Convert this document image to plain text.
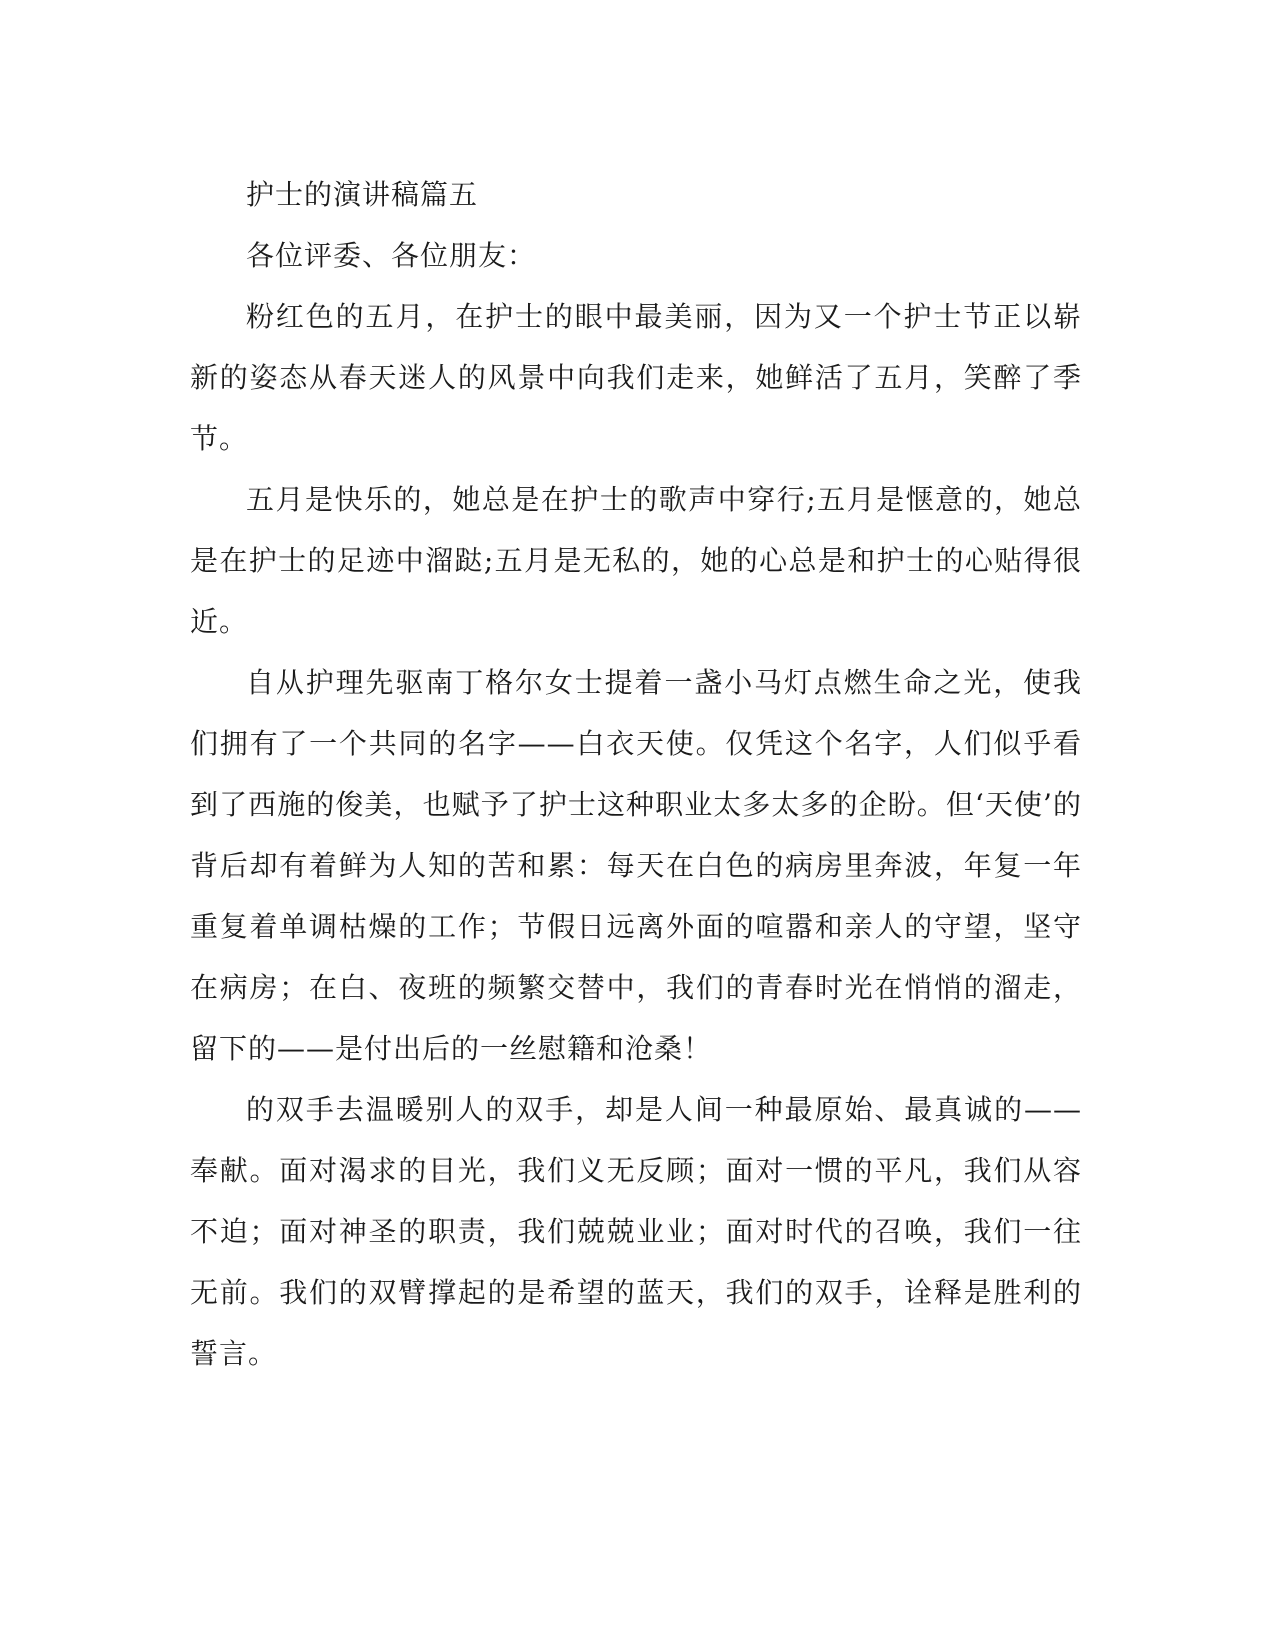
护士的演讲稿篇五

各位评委、各位朋友：

粉红色的五月，在护士的眼中最美丽，因为又一个护士节正以崭新的姿态从春天迷人的风景中向我们走来，她鲜活了五月，笑醉了季节。

五月是快乐的，她总是在护士的歌声中穿行;五月是惬意的，她总是在护士的足迹中溜跶;五月是无私的，她的心总是和护士的心贴得很近。

自从护理先驱南丁格尔女士提着一盏小马灯点燃生命之光，使我们拥有了一个共同的名字——白衣天使。仅凭这个名字，人们似乎看到了西施的俊美，也赋予了护士这种职业太多太多的企盼。但‘天使’的背后却有着鲜为人知的苦和累：每天在白色的病房里奔波，年复一年重复着单调枯燥的工作；节假日远离外面的喧嚣和亲人的守望，坚守在病房；在白、夜班的频繁交替中，我们的青春时光在悄悄的溜走，留下的——是付出后的一丝慰籍和沧桑！

的双手去温暖别人的双手，却是人间一种最原始、最真诚的——奉献。面对渴求的目光，我们义无反顾；面对一惯的平凡，我们从容不迫；面对神圣的职责，我们兢兢业业；面对时代的召唤，我们一往无前。我们的双臂撑起的是希望的蓝天，我们的双手，诠释是胜利的誓言。
